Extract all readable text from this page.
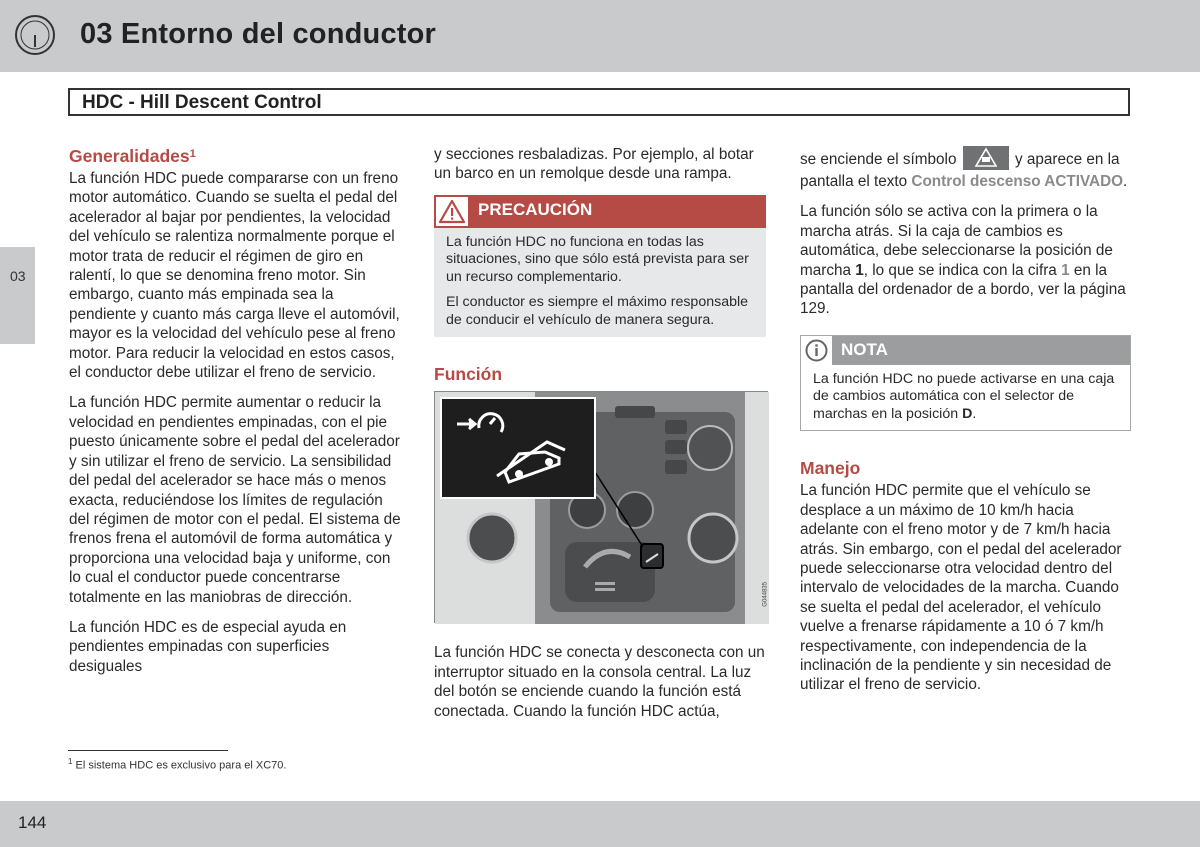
03 Entorno del conductor
HDC - Hill Descent Control
03
Generalidades$^1$

La función HDC puede compararse con un freno motor automático. Cuando se suelta el pedal del acelerador al bajar por pendientes, la velocidad del vehículo se ralentiza normalmente porque el motor trata de reducir el régimen de giro en ralentí, lo que se denomina freno motor. Sin embargo, cuanto más empinada sea la pendiente y cuanto más carga lleve el automóvil, mayor es la velocidad del vehículo pese al freno motor. Para reducir la velocidad en estos casos, el conductor debe utilizar el freno de servicio.

La función HDC permite aumentar o reducir la velocidad en pendientes empinadas, con el pie puesto únicamente sobre el pedal del acelerador y sin utilizar el freno de servicio. La sensibilidad del pedal del acelerador se hace más o menos exacta, reduciéndose los límites de regulación del régimen de motor con el pedal. El sistema de frenos frena el automóvil de forma automática y proporciona una velocidad baja y uniforme, con lo cual el conductor puede concentrarse totalmente en las maniobras de dirección.

La función HDC es de especial ayuda en pendientes empinadas con superficies desiguales

y secciones resbaladizas. Por ejemplo, al botar un barco en un remolque desde una rampa.

PRECAUCIÓN

La función HDC no funciona en todas las situaciones, sino que sólo está prevista para ser un recurso complementario.

El conductor es siempre el máximo responsable de conducir el vehículo de manera segura.

Función
G044835

La función HDC se conecta y desconecta con un interruptor situado en la consola central. La luz del botón se enciende cuando la función está conectada. Cuando la función HDC actúa,

se enciende el símbolo	y aparece en la pantalla el texto Control descenso ACTIVADO.

La función sólo se activa con la primera o la marcha atrás. Si la caja de cambios es automática, debe seleccionarse la posición de marcha 1, lo que se indica con la cifra 1 en la pantalla del ordenador de a bordo, ver la página 129.

NOTA
La función HDC no puede activarse en una caja de cambios automática con el selector de marchas en la posición D.
Manejo

La función HDC permite que el vehículo se desplace a un máximo de 10 km/h hacia adelante con el freno motor y de 7 km/h hacia atrás. Sin embargo, con el pedal del acelerador puede seleccionarse otra velocidad dentro del intervalo de velocidades de la marcha. Cuando se suelta el pedal del acelerador, el vehículo vuelve a frenarse rápidamente a 10 ó 7 km/h respectivamente, con independencia de la inclinación de la pendiente y sin necesidad de utilizar el freno de servicio.

$^1$ El sistema HDC es exclusivo para el XC70.
144
